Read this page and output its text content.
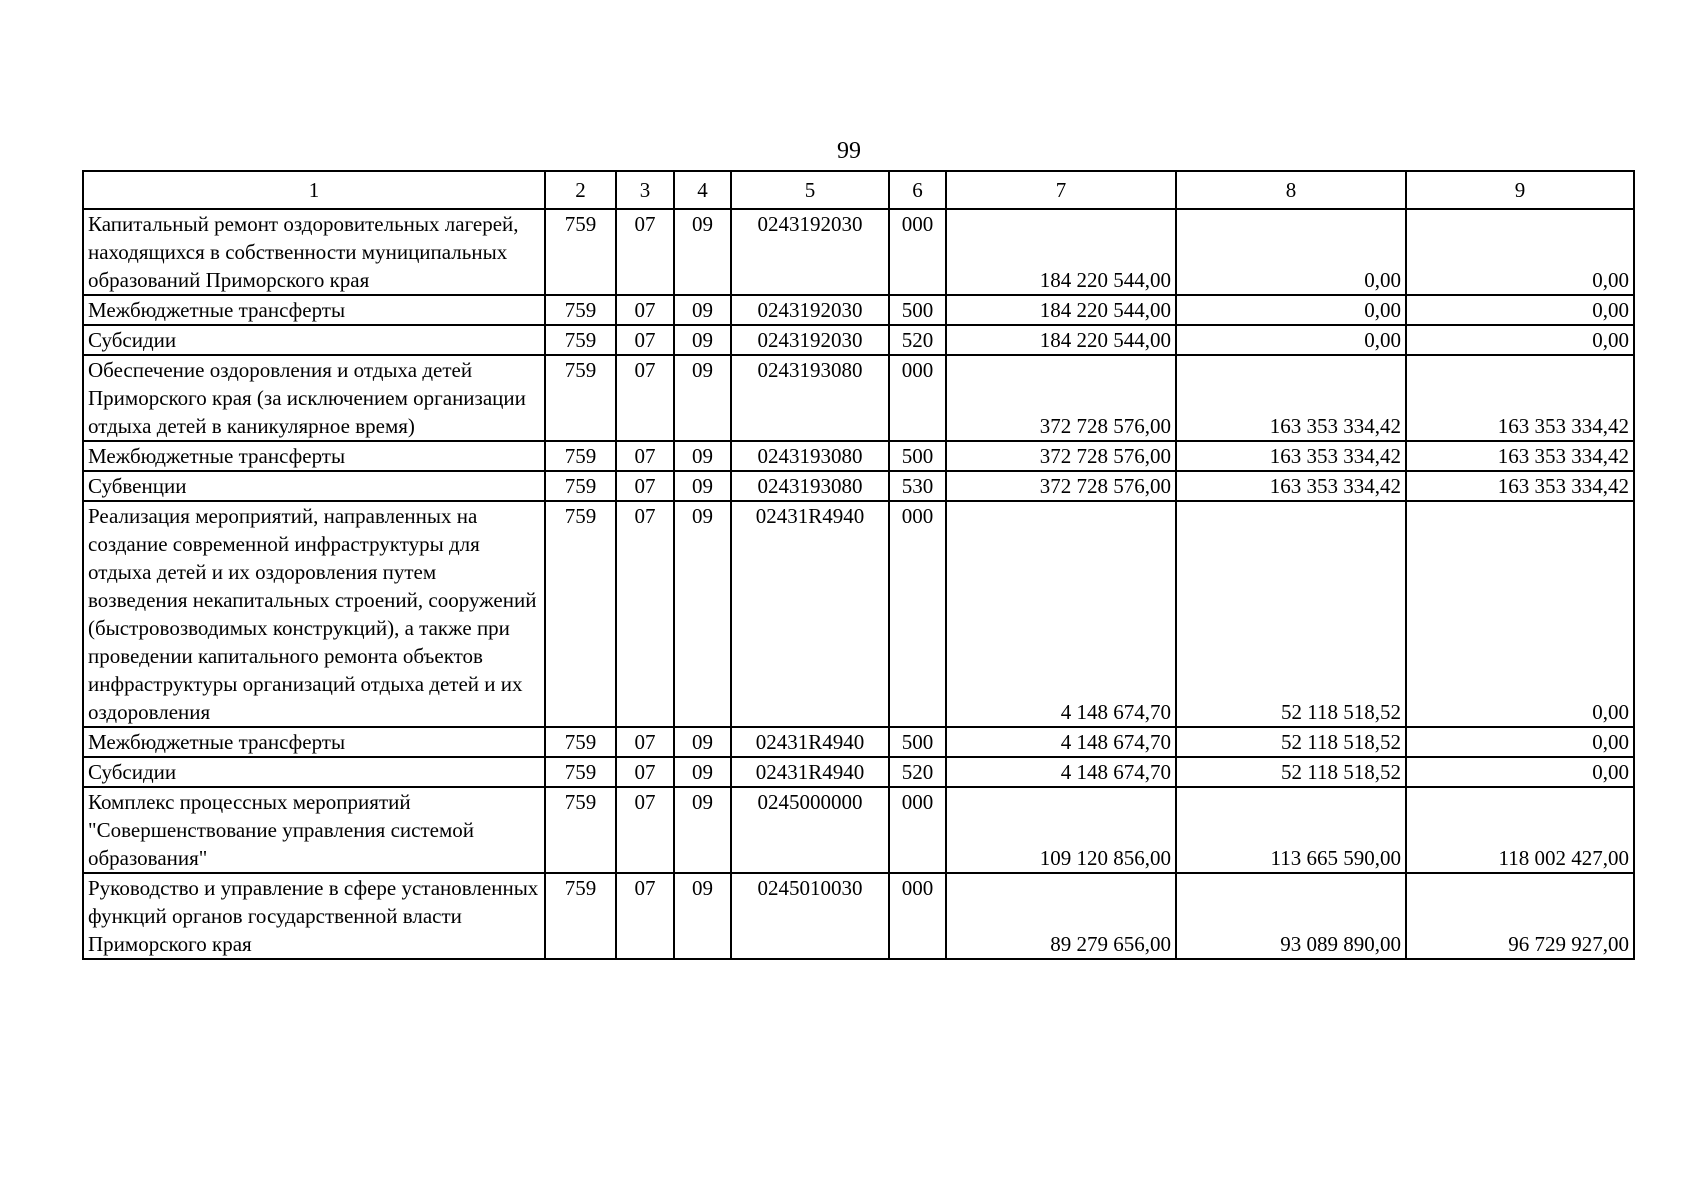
99
1	2	3	4	5	6	7	8	9
Капитальный ремонт оздоровительных лагерей, находящихся в собственности муниципальных образований Приморского края	759	07	09	0243192030	000	184 220 544,00	0,00	0,00
Межбюджетные трансферты	759	07	09	0243192030	500	184 220 544,00	0,00	0,00
Субсидии	759	07	09	0243192030	520	184 220 544,00	0,00	0,00
Обеспечение оздоровления и отдыха детей Приморского края (за исключением организации отдыха детей в каникулярное время)	759	07	09	0243193080	000	372 728 576,00	163 353 334,42	163 353 334,42
Межбюджетные трансферты	759	07	09	0243193080	500	372 728 576,00	163 353 334,42	163 353 334,42
Субвенции	759	07	09	0243193080	530	372 728 576,00	163 353 334,42	163 353 334,42
Реализация мероприятий, направленных на создание современной инфраструктуры для отдыха детей и их оздоровления путем возведения некапитальных строений, сооружений (быстровозводимых конструкций), а также при проведении капитального ремонта объектов инфраструктуры организаций отдыха детей и их оздоровления	759	07	09	02431R4940	000	4 148 674,70	52 118 518,52	0,00
Межбюджетные трансферты	759	07	09	02431R4940	500	4 148 674,70	52 118 518,52	0,00
Субсидии	759	07	09	02431R4940	520	4 148 674,70	52 118 518,52	0,00
Комплекс процессных мероприятий "Совершенствование управления системой образования"	759	07	09	0245000000	000	109 120 856,00	113 665 590,00	118 002 427,00
Руководство и управление в сфере установленных функций органов государственной власти Приморского края	759	07	09	0245010030	000	89 279 656,00	93 089 890,00	96 729 927,00
